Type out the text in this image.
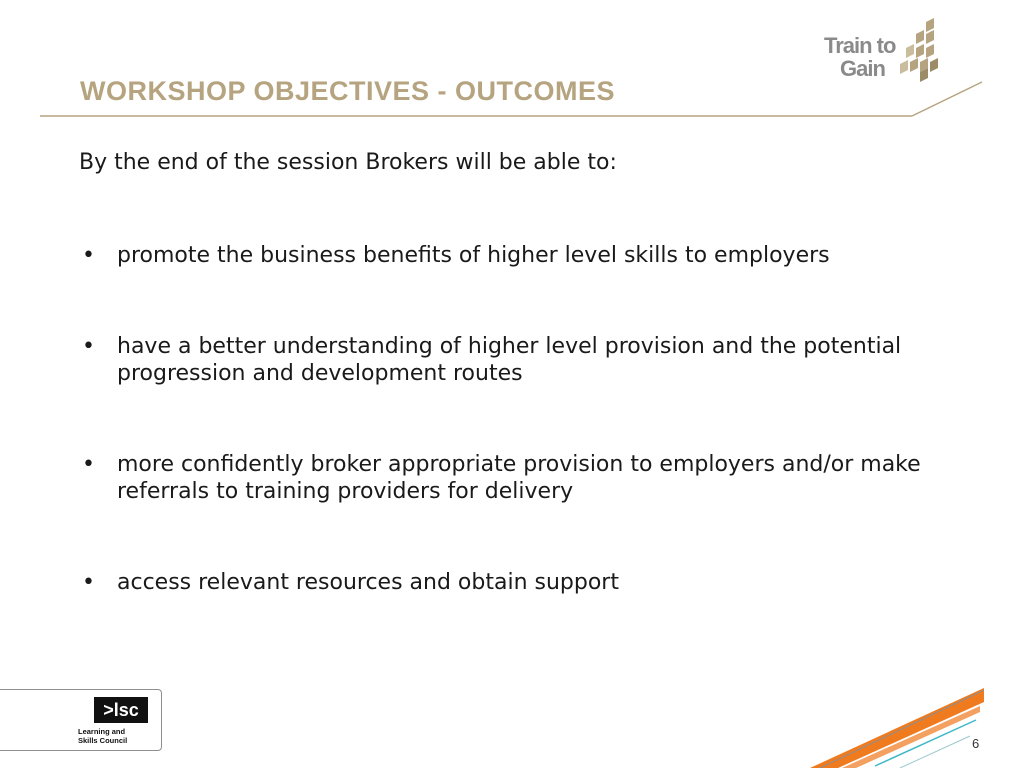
WORKSHOP OBJECTIVES - OUTCOMES
Train to
Gain

By the end of the session Brokers will be able to:

• promote the business benefits of higher level skills to employers
• have a better understanding of higher level provision and the potential progression and development routes
• more confidently broker appropriate provision to employers and/or make referrals to training providers for delivery
• access relevant resources and obtain support
>lsc
Learning and
Skills Council	6
